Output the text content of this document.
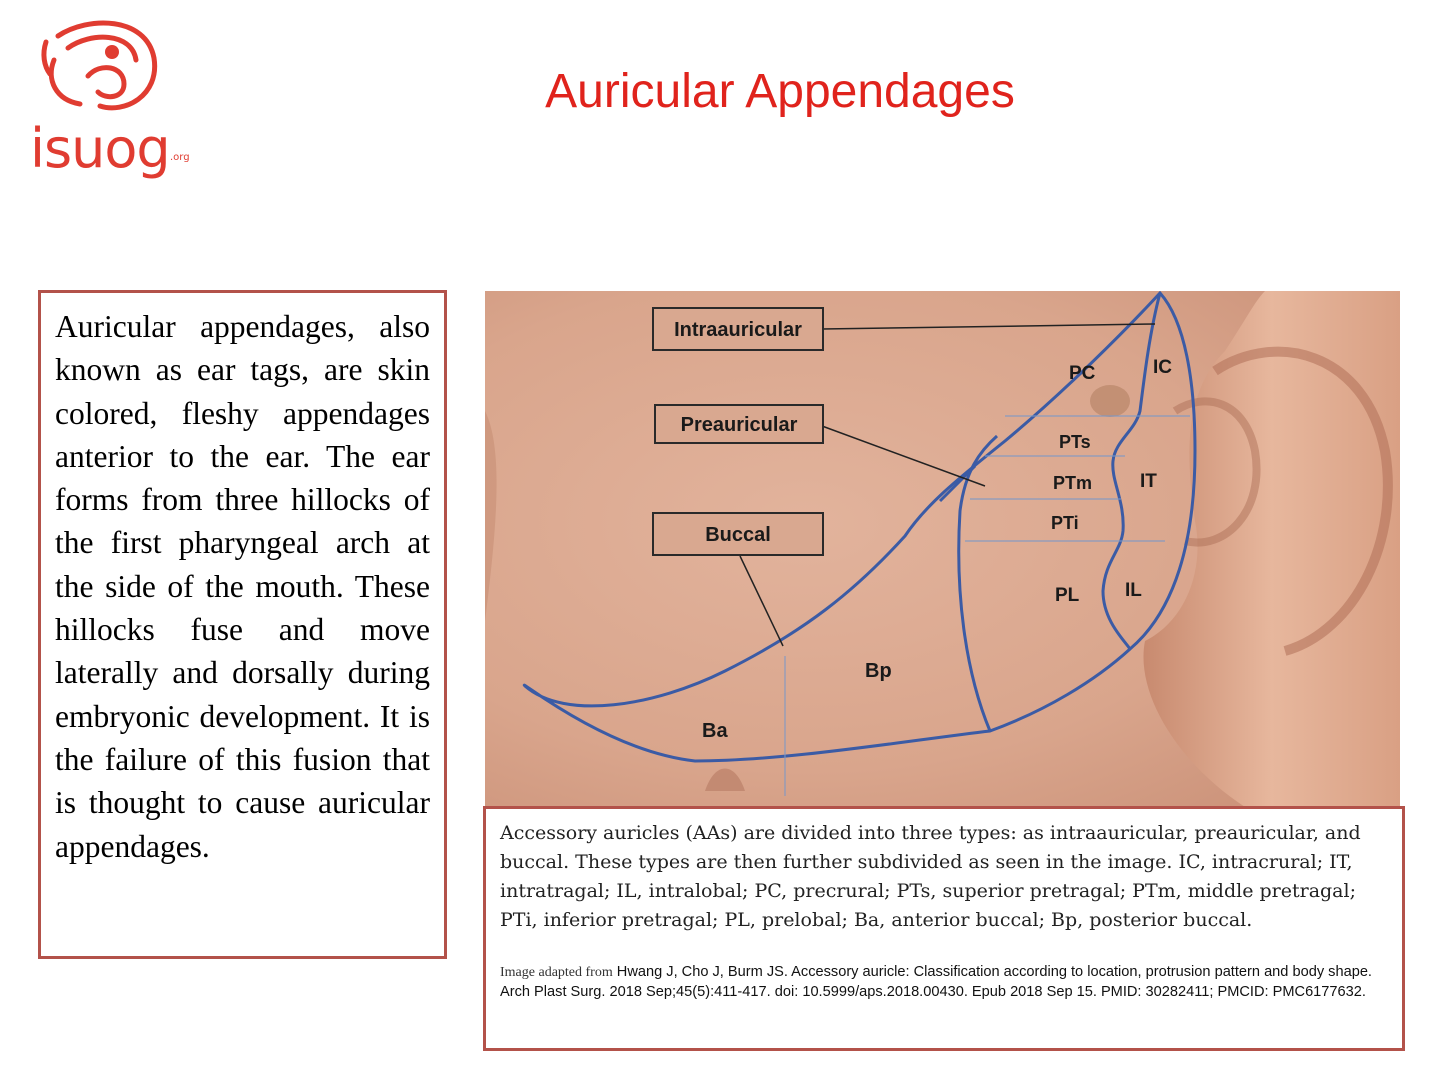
isuog .org
Auricular Appendages

Auricular appendages, also known as ear tags, are skin colored, fleshy appendages anterior to the ear. The ear forms from three hillocks of the first pharyngeal arch at the side of the mouth. These hillocks fuse and move laterally and dorsally during embryonic development. It is the failure of this fusion that is thought to cause auricular appendages.

Intraauricular
Preauricular
Buccal
PC	IC
PTs
PTm	IT
PTi
PL IL
Bp
Ba

Accessory auricles (AAs) are divided into three types: as intraauricular, preauricular, and buccal. These types are then further subdivided as seen in the image. IC, intracrural; IT, intratragal; IL, intralobal; PC, precrural; PTs, superior pretragal; PTm, middle pretragal; PTi, inferior pretragal; PL, prelobal; Ba, anterior buccal; Bp, posterior buccal.

Image adapted from Hwang J, Cho J, Burm JS. Accessory auricle: Classification according to location, protrusion pattern and body shape. Arch Plast Surg. 2018 Sep;45(5):411-417. doi: 10.5999/aps.2018.00430. Epub 2018 Sep 15. PMID: 30282411; PMCID: PMC6177632.
